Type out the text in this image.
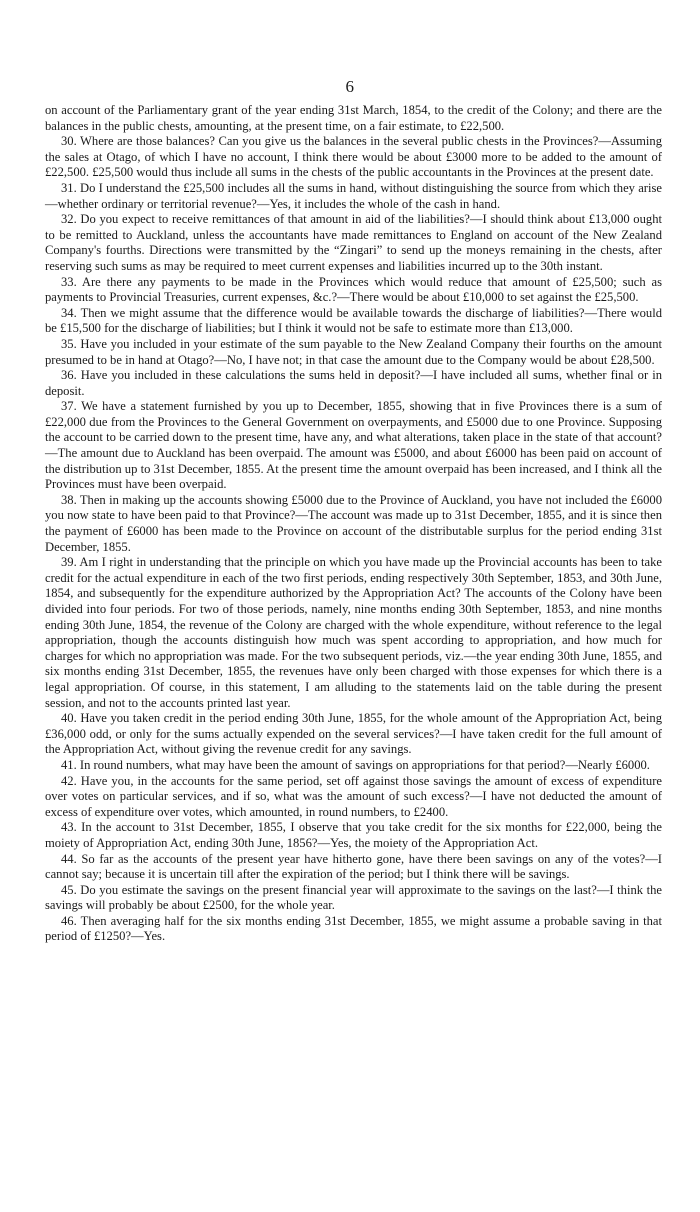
6

on account of the Parliamentary grant of the year ending 31st March, 1854, to the credit of the Colony; and there are the balances in the public chests, amounting, at the present time, on a fair estimate, to £22,500.

30. Where are those balances? Can you give us the balances in the several public chests in the Provinces?—Assuming the sales at Otago, of which I have no account, I think there would be about £3000 more to be added to the amount of £22,500. £25,500 would thus include all sums in the chests of the public accountants in the Provinces at the present date.

31. Do I understand the £25,500 includes all the sums in hand, without distinguishing the source from which they arise—whether ordinary or territorial revenue?—Yes, it includes the whole of the cash in hand.

32. Do you expect to receive remittances of that amount in aid of the liabilities?—I should think about £13,000 ought to be remitted to Auckland, unless the accountants have made remittances to England on account of the New Zealand Company's fourths. Directions were transmitted by the “Zingari” to send up the moneys remaining in the chests, after reserving such sums as may be required to meet current expenses and liabilities incurred up to the 30th instant.

33. Are there any payments to be made in the Provinces which would reduce that amount of £25,500; such as payments to Provincial Treasuries, current expenses, &c.?—There would be about £10,000 to set against the £25,500.

34. Then we might assume that the difference would be available towards the discharge of liabilities?—There would be £15,500 for the discharge of liabilities; but I think it would not be safe to estimate more than £13,000.

35. Have you included in your estimate of the sum payable to the New Zealand Company their fourths on the amount presumed to be in hand at Otago?—No, I have not; in that case the amount due to the Company would be about £28,500.

36. Have you included in these calculations the sums held in deposit?—I have included all sums, whether final or in deposit.

37. We have a statement furnished by you up to December, 1855, showing that in five Provinces there is a sum of £22,000 due from the Provinces to the General Government on overpayments, and £5000 due to one Province. Supposing the account to be carried down to the present time, have any, and what alterations, taken place in the state of that account?—The amount due to Auckland has been overpaid. The amount was £5000, and about £6000 has been paid on account of the distribution up to 31st December, 1855. At the present time the amount overpaid has been increased, and I think all the Provinces must have been overpaid.

38. Then in making up the accounts showing £5000 due to the Province of Auckland, you have not included the £6000 you now state to have been paid to that Province?—The account was made up to 31st December, 1855, and it is since then the payment of £6000 has been made to the Province on account of the distributable surplus for the period ending 31st December, 1855.

39. Am I right in understanding that the principle on which you have made up the Provincial accounts has been to take credit for the actual expenditure in each of the two first periods, ending respectively 30th September, 1853, and 30th June, 1854, and subsequently for the expenditure authorized by the Appropriation Act? The accounts of the Colony have been divided into four periods. For two of those periods, namely, nine months ending 30th September, 1853, and nine months ending 30th June, 1854, the revenue of the Colony are charged with the whole expenditure, without reference to the legal appropriation, though the accounts distinguish how much was spent according to appropriation, and how much for charges for which no appropriation was made. For the two subsequent periods, viz.—the year ending 30th June, 1855, and six months ending 31st December, 1855, the revenues have only been charged with those expenses for which there is a legal appropriation. Of course, in this statement, I am alluding to the statements laid on the table during the present session, and not to the accounts printed last year.

40. Have you taken credit in the period ending 30th June, 1855, for the whole amount of the Appropriation Act, being £36,000 odd, or only for the sums actually expended on the several services?—I have taken credit for the full amount of the Appropriation Act, without giving the revenue credit for any savings.

41. In round numbers, what may have been the amount of savings on appropriations for that period?—Nearly £6000.

42. Have you, in the accounts for the same period, set off against those savings the amount of excess of expenditure over votes on particular services, and if so, what was the amount of such excess?—I have not deducted the amount of excess of expenditure over votes, which amounted, in round numbers, to £2400.

43. In the account to 31st December, 1855, I observe that you take credit for the six months for £22,000, being the moiety of Appropriation Act, ending 30th June, 1856?—Yes, the moiety of the Appropriation Act.

44. So far as the accounts of the present year have hitherto gone, have there been savings on any of the votes?—I cannot say; because it is uncertain till after the expiration of the period; but I think there will be savings.

45. Do you estimate the savings on the present financial year will approximate to the savings on the last?—I think the savings will probably be about £2500, for the whole year.

46. Then averaging half for the six months ending 31st December, 1855, we might assume a probable saving in that period of £1250?—Yes.
